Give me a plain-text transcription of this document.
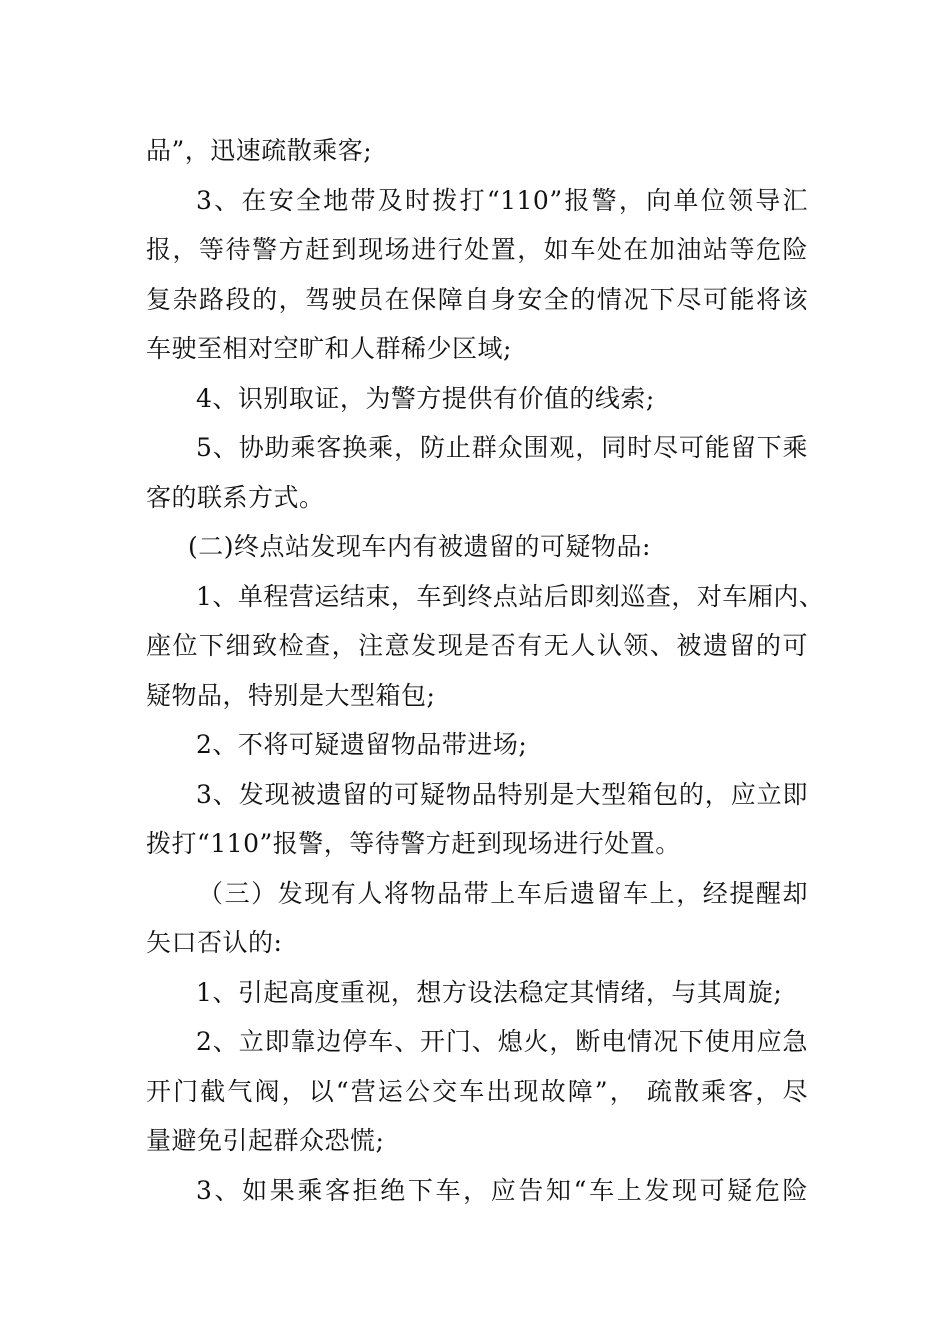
品”，迅速疏散乘客;
3、在安全地带及时拨打“110”报警，向单位领导汇
报，等待警方赶到现场进行处置，如车处在加油站等危险
复杂路段的，驾驶员在保障自身安全的情况下尽可能将该
车驶至相对空旷和人群稀少区域;
4、识别取证，为警方提供有价值的线索;
5、协助乘客换乘，防止群众围观，同时尽可能留下乘
客的联系方式。
(二)终点站发现车内有被遗留的可疑物品:
1、单程营运结束，车到终点站后即刻巡查，对车厢内、
座位下细致检查，注意发现是否有无人认领、被遗留的可
疑物品，特别是大型箱包;
2、不将可疑遗留物品带进场;
3、发现被遗留的可疑物品特别是大型箱包的，应立即
拨打“110”报警，等待警方赶到现场进行处置。
（三）发现有人将物品带上车后遗留车上，经提醒却
矢口否认的:
1、引起高度重视，想方设法稳定其情绪，与其周旋;
2、立即靠边停车、开门、熄火，断电情况下使用应急
开门截气阀，以“营运公交车出现故障”， 疏散乘客，尽
量避免引起群众恐慌;
3、如果乘客拒绝下车，应告知“车上发现可疑危险
